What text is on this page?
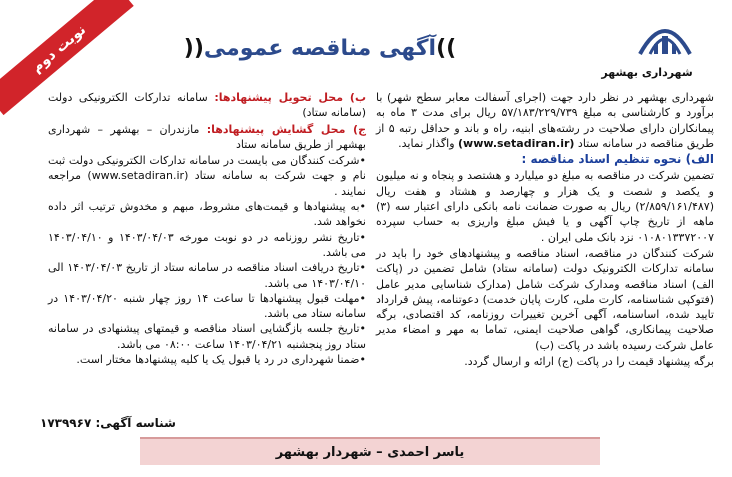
نوبت دوم	))آگهی مناقصه عمومی((
شهرداری بهشهر

شهرداری بهشهر در نظر دارد جهت (اجرای آسفالت معابر سطح شهر) با برآورد و کارشناسی به مبلغ ۵۷/۱۸۳/۲۲۹/۷۳۹ ریال برای مدت ۳ ماه به پیمانکاران دارای صلاحیت در رشته‌های ابنیه، راه و باند و حداقل رتبه ۵ از طریق مناقصه در سامانه ستاد (www.setadiran.ir) واگذار نماید.

الف) نحوه تنظیم اسناد مناقصه :

تضمین شرکت در مناقصه به مبلغ دو میلیارد و هشتصد و پنجاه و نه میلیون و یکصد و شصت و یک هزار و چهارصد و هشتاد و هفت ریال (۲/۸۵۹/۱۶۱/۴۸۷) ریال به صورت ضمانت نامه بانکی دارای اعتبار سه (۳) ماهه از تاریخ چاپ آگهی و یا فیش مبلغ واریزی به حساب سپرده ۰۱۰۸۰۱۳۳۷۲۰۰۷ نزد بانک ملی ایران .

شرکت کنندگان در مناقصه، اسناد مناقصه و پیشنهادهای خود را باید در سامانه تدارکات الکترونیک دولت (سامانه ستاد) شامل تضمین در (پاکت الف) اسناد مناقصه ومدارک شرکت شامل (مدارک شناسایی مدیر عامل (فتوکپی شناسنامه، کارت ملی، کارت پایان خدمت) دعوتنامه، پیش قرارداد تایید شده، اساسنامه، آگهی آخرین تغییرات روزنامه، کد اقتصادی، برگه صلاحیت پیمانکاری، گواهی صلاحیت ایمنی، تماما به مهر و امضاء مدیر عامل شرکت رسیده باشد در پاکت (ب)

برگه پیشنهاد قیمت را در پاکت (ج) ارائه و ارسال گردد.

ب) محل تحویل پیشنهادها: سامانه تدارکات الکترونیکی دولت (سامانه ستاد)

ج) محل گشایش پیشنهادها: مازندران – بهشهر – شهرداری بهشهر از طریق سامانه ستاد

•شرکت کنندگان می بایست در سامانه تدارکات الکترونیکی دولت ثبت نام و جهت شرکت به سامانه ستاد (www.setadiran.ir) مراجعه نمایند .

•به پیشنهادها و قیمت‌های مشروط، مبهم و مخدوش ترتیب اثر داده نخواهد شد.

•تاریخ نشر روزنامه در دو نوبت مورخه ۱۴۰۳/۰۴/۰۳ و ۱۴۰۳/۰۴/۱۰ می باشد.

•تاریخ دریافت اسناد مناقصه در سامانه ستاد از تاریخ ۱۴۰۳/۰۴/۰۳ الی ۱۴۰۳/۰۴/۱۰ می باشد.

•مهلت قبول پیشنهادها تا ساعت ۱۴ روز چهار شنبه ۱۴۰۳/۰۴/۲۰ در سامانه ستاد می باشد.

•تاریخ جلسه بازگشایی اسناد مناقصه و قیمتهای پیشنهادی در سامانه ستاد روز پنجشنبه ۱۴۰۳/۰۴/۲۱ ساعت ۰۸:۰۰ می باشد.

•ضمنا شهرداری در رد یا قبول یک یا کلیه پیشنهادها مختار است.

شناسه آگهی: ۱۷۳۹۹۶۷
یاسر احمدی – شهردار بهشهر
